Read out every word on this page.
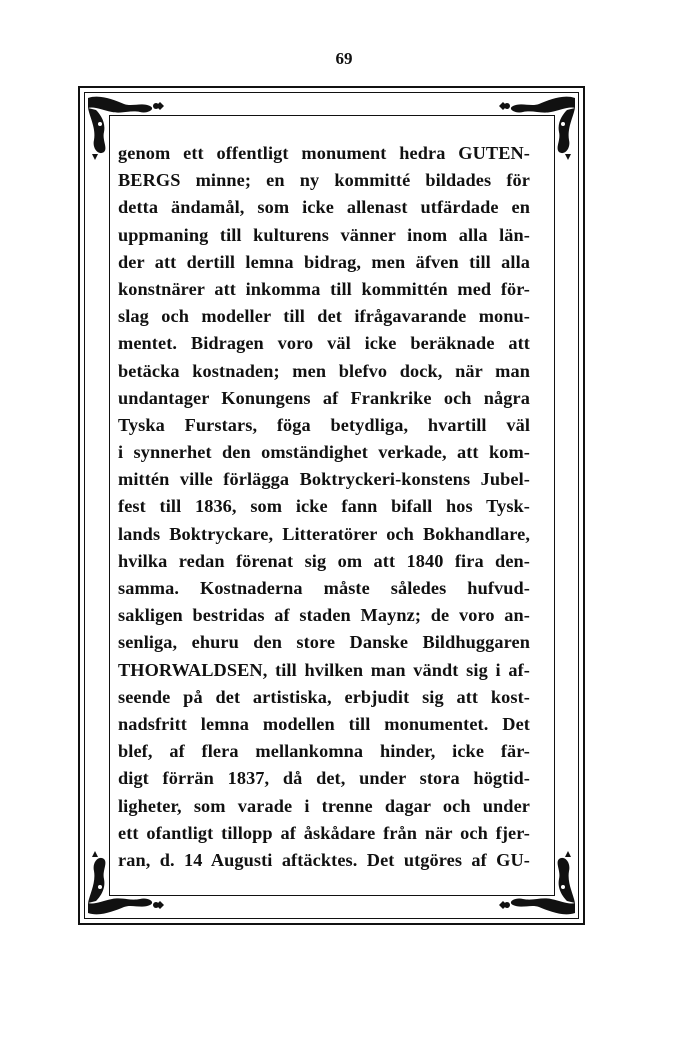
69
genom ett offentligt monument hedra GUTEN-
BERGS minne; en ny kommitté bildades för
detta ändamål, som icke allenast utfärdade en
uppmaning till kulturens vänner inom alla län-
der att dertill lemna bidrag, men äfven till alla
konstnärer att inkomma till kommittén med för-
slag och modeller till det ifrågavarande monu-
mentet. Bidragen voro väl icke beräknade att
betäcka kostnaden; men blefvo dock, när man
undantager Konungens af Frankrike och några
Tyska Furstars, föga betydliga, hvartill väl
i synnerhet den omständighet verkade, att kom-
mittén ville förlägga Boktryckeri-konstens Jubel-
fest till 1836, som icke fann bifall hos Tysk-
lands Boktryckare, Litteratörer och Bokhandlare,
hvilka redan förenat sig om att 1840 fira den-
samma. Kostnaderna måste således hufvud-
sakligen bestridas af staden Maynz; de voro an-
senliga, ehuru den store Danske Bildhuggaren
THORWALDSEN, till hvilken man vändt sig i af-
seende på det artistiska, erbjudit sig att kost-
nadsfritt lemna modellen till monumentet. Det
blef, af flera mellankomna hinder, icke fär-
digt förrän 1837, då det, under stora högtid-
ligheter, som varade i trenne dagar och under
ett ofantligt tillopp af åskådare från när och fjer-
ran, d. 14 Augusti aftäcktes. Det utgöres af GU-
